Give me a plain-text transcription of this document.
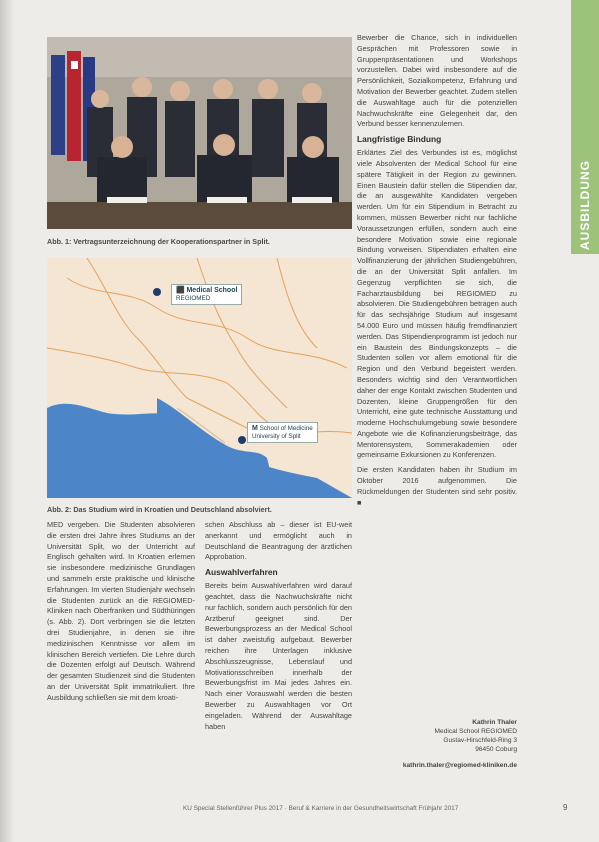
Abb. 1: Vertragsunterzeichnung der Kooperationspartner in Split.
⬛ Medical School
REGIOMED
M School of Medicine
University of Split
Abb. 2: Das Studium wird in Kroatien und Deutschland absolviert.

MED vergeben. Die Studenten absolvieren die ersten drei Jahre ihres Studiums an der Universität Split, wo der Unterricht auf Englisch gehalten wird. In Kroatien erlernen sie insbesondere medizinische Grundlagen und sammeln erste praktische und klinische Erfahrungen. Im vierten Studienjahr wechseln die Studenten zurück an die REGIOMED-Kliniken nach Oberfranken und Südthüringen (s. Abb. 2). Dort verbringen sie die letzten drei Studienjahre, in denen sie ihre medizinischen Kenntnisse vor allem im klinischen Bereich vertiefen. Die Lehre durch die Dozenten erfolgt auf Deutsch. Während der gesamten Studienzeit sind die Studenten an der Universität Split immatrikuliert. Ihre Ausbildung schließen sie mit dem kroati-

schen Abschluss ab – dieser ist EU-weit anerkannt und ermöglicht auch in Deutschland die Beantragung der ärztlichen Approbation.

Auswahlverfahren

Bereits beim Auswahlverfahren wird darauf geachtet, dass die Nachwuchskräfte nicht nur fachlich, sondern auch persönlich für den Arztberuf geeignet sind. Der Bewerbungsprozess an der Medical School ist daher zweistufig aufgebaut. Bewerber reichen ihre Unterlagen inklusive Abschlusszeugnisse, Lebenslauf und Motivationsschreiben innerhalb der Bewerbungsfrist im Mai jedes Jahres ein. Nach einer Vorauswahl werden die besten Bewerber zu Auswahltagen vor Ort eingeladen. Während der Auswahltage haben

Bewerber die Chance, sich in individuellen Gesprächen mit Professoren sowie in Gruppenpräsentationen und Workshops vorzustellen. Dabei wird insbesondere auf die Persönlichkeit, Sozialkompetenz, Erfahrung und Motivation der Bewerber geachtet. Zudem stellen die Auswahltage auch für die potenziellen Nachwuchskräfte eine Gelegenheit dar, den Verbund besser kennenzulernen.

Langfristige Bindung

Erklärtes Ziel des Verbundes ist es, möglichst viele Absolventen der Medical School für eine spätere Tätigkeit in der Region zu gewinnen. Einen Baustein dafür stellen die Stipendien dar, die an ausgewählte Kandidaten vergeben werden. Um für ein Stipendium in Betracht zu kommen, müssen Bewerber nicht nur fachliche Voraussetzungen erfüllen, sondern auch eine besondere Motivation sowie eine regionale Bindung vorweisen. Stipendiaten erhalten eine Vollfinanzierung der jährlichen Studiengebühren, die an der Universität Split anfallen. Im Gegenzug verpflichten sie sich, die Facharztausbildung bei REGIOMED zu absolvieren. Die Studiengebühren betragen auch für das sechsjährige Studium auf insgesamt 54.000 Euro und müssen häufig fremdfinanziert werden. Das Stipendienprogramm ist jedoch nur ein Baustein des Bindungskonzepts – die Studenten sollen vor allem emotional für die Region und den Verbund begeistert werden. Besonders wichtig sind den Verantwortlichen daher der enge Kontakt zwischen Studenten und Dozenten, kleine Gruppengrößen für den Unterricht, eine gute technische Ausstattung und moderne Hochschulumgebung sowie besondere Angebote wie die Kofinanzierungsbeiträge, das Mentorensystem, Sommerakademien oder gemeinsame Exkursionen zu Konferenzen.

Die ersten Kandidaten haben ihr Studium im Oktober 2016 aufgenommen. Die Rückmeldungen der Studenten sind sehr positiv. ■

Kathrin Thaler
Medical School REGIOMED
Gustav-Hirschfeld-Ring 3
96450 Coburg
kathrin.thaler@regiomed-kliniken.de
AUSBILDUNG
KU Special Stellenführer Plus 2017 · Beruf & Karriere in der Gesundheitswirtschaft Frühjahr 2017	9
